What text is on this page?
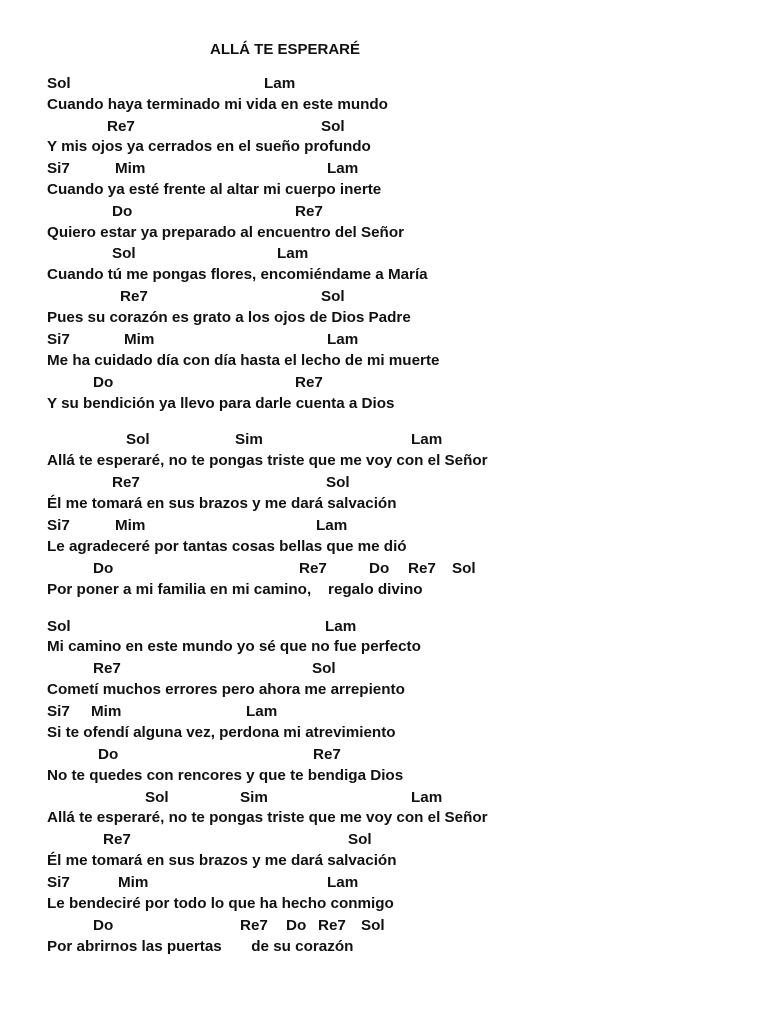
ALLÁ TE ESPERARÉ
Sol	Lam
Cuando haya terminado mi vida en este mundo
Re7	Sol
Y mis ojos ya cerrados en el sueño profundo
Si7	Mim	Lam
Cuando ya esté frente al altar mi cuerpo inerte
Do	Re7
Quiero estar ya preparado al encuentro del Señor
Sol	Lam
Cuando tú me pongas flores, encomiéndame a María
Re7	Sol
Pues su corazón es grato a los ojos de Dios Padre
Si7	Mim	Lam
Me ha cuidado día con día hasta el lecho de mi muerte
Do	Re7
Y su bendición ya llevo para darle cuenta a Dios
Sol	Sim	Lam
Allá te esperaré, no te pongas triste que me voy con el Señor
Re7	Sol
Él me tomará en sus brazos y me dará salvación
Si7	Mim	Lam
Le agradeceré por tantas cosas bellas que me dió
Do	Re7	Do Re7 Sol
Por poner a mi familia en mi camino,    regalo divino
Sol	Lam
Mi camino en este mundo yo sé que no fue perfecto
Re7	Sol
Cometí muchos errores pero ahora me arrepiento
Si7 Mim	Lam
Si te ofendí alguna vez, perdona mi atrevimiento
Do	Re7
No te quedes con rencores y que te bendiga Dios
Sol	Sim	Lam
Allá te esperaré, no te pongas triste que me voy con el Señor
Re7	Sol
Él me tomará en sus brazos y me dará salvación
Si7	Mim	Lam
Le bendeciré por todo lo que ha hecho conmigo
Do	Re7 Do Re7 Sol
Por abrirnos las puertas       de su corazón
